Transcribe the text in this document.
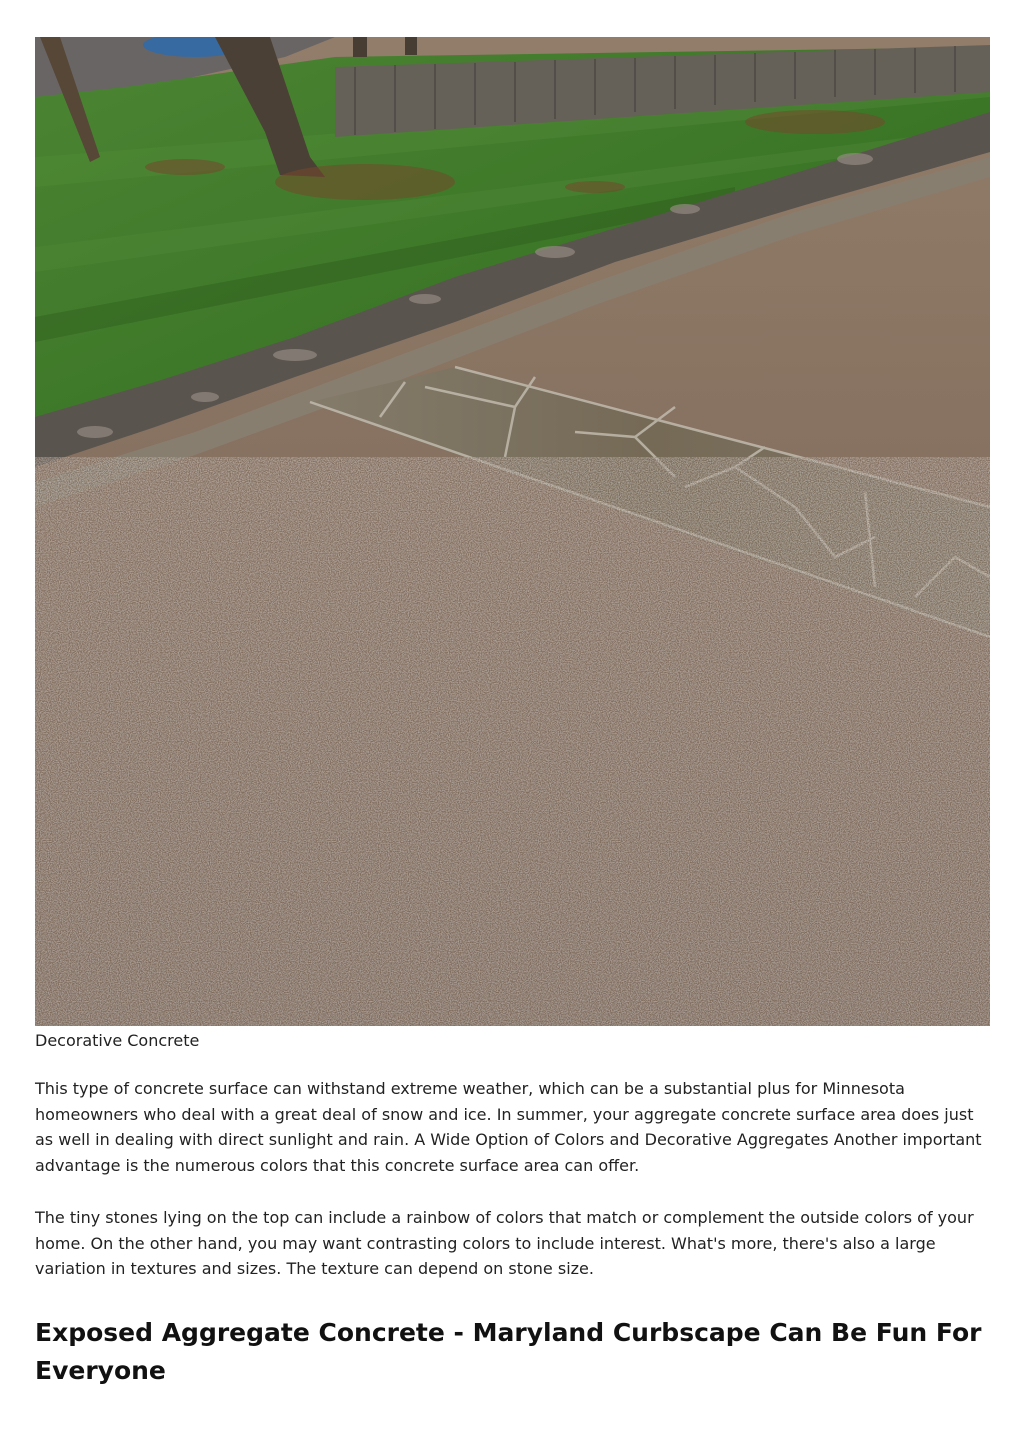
Decorative Concrete

This type of concrete surface can withstand extreme weather, which can be a substantial plus for Minnesota homeowners who deal with a great deal of snow and ice. In summer, your aggregate concrete surface area does just as well in dealing with direct sunlight and rain. A Wide Option of Colors and Decorative Aggregates Another important advantage is the numerous colors that this concrete surface area can offer.

The tiny stones lying on the top can include a rainbow of colors that match or complement the outside colors of your home. On the other hand, you may want contrasting colors to include interest. What's more, there's also a large variation in textures and sizes. The texture can depend on stone size.

Exposed Aggregate Concrete - Maryland Curbscape Can Be Fun For Everyone
